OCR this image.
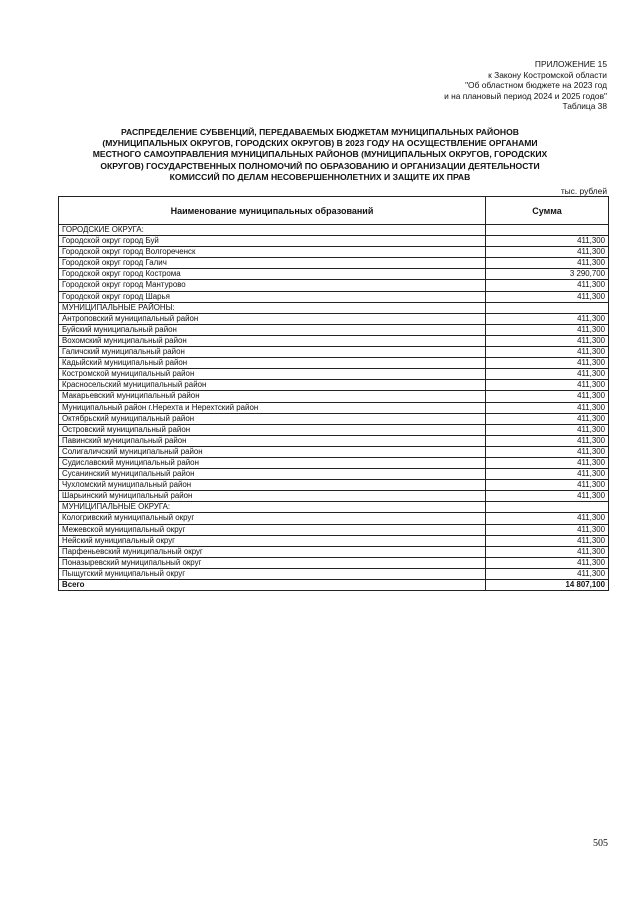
ПРИЛОЖЕНИЕ 15
к Закону Костромской области
"Об областном бюджете на 2023 год
и на плановый период 2024 и 2025 годов"
Таблица 38
РАСПРЕДЕЛЕНИЕ СУБВЕНЦИЙ, ПЕРЕДАВАЕМЫХ БЮДЖЕТАМ МУНИЦИПАЛЬНЫХ РАЙОНОВ
(МУНИЦИПАЛЬНЫХ ОКРУГОВ, ГОРОДСКИХ ОКРУГОВ) В 2023 ГОДУ НА ОСУЩЕСТВЛЕНИЕ ОРГАНАМИ
МЕСТНОГО САМОУПРАВЛЕНИЯ МУНИЦИПАЛЬНЫХ РАЙОНОВ (МУНИЦИПАЛЬНЫХ ОКРУГОВ, ГОРОДСКИХ
ОКРУГОВ) ГОСУДАРСТВЕННЫХ ПОЛНОМОЧИЙ ПО ОБРАЗОВАНИЮ И ОРГАНИЗАЦИИ ДЕЯТЕЛЬНОСТИ
КОМИССИЙ ПО ДЕЛАМ НЕСОВЕРШЕННОЛЕТНИХ И ЗАЩИТЕ ИХ ПРАВ
тыс. рублей
Наименование муниципальных образований	Сумма
ГОРОДСКИЕ ОКРУГА:	
Городской округ город Буй	411,300
Городской округ город Волгореченск	411,300
Городской округ город Галич	411,300
Городской округ город Кострома	3 290,700
Городской округ город Мантурово	411,300
Городской округ город Шарья	411,300
МУНИЦИПАЛЬНЫЕ РАЙОНЫ:	
Антроповский муниципальный район	411,300
Буйский муниципальный район	411,300
Вохомский муниципальный район	411,300
Галичский муниципальный район	411,300
Кадыйский муниципальный район	411,300
Костромской муниципальный район	411,300
Красносельский муниципальный район	411,300
Макарьевский муниципальный район	411,300
Муниципальный район г.Нерехта и Нерехтский район	411,300
Октябрьский муниципальный район	411,300
Островский муниципальный район	411,300
Павинский муниципальный район	411,300
Солигаличский муниципальный район	411,300
Судиславский муниципальный район	411,300
Сусанинский муниципальный район	411,300
Чухломский муниципальный район	411,300
Шарьинский муниципальный район	411,300
МУНИЦИПАЛЬНЫЕ ОКРУГА:	
Кологривский муниципальный округ	411,300
Межевской муниципальный округ	411,300
Нейский муниципальный округ	411,300
Парфеньевский муниципальный округ	411,300
Поназыревский муниципальный округ	411,300
Пыщугский муниципальный округ	411,300
Всего	14 807,100
505
